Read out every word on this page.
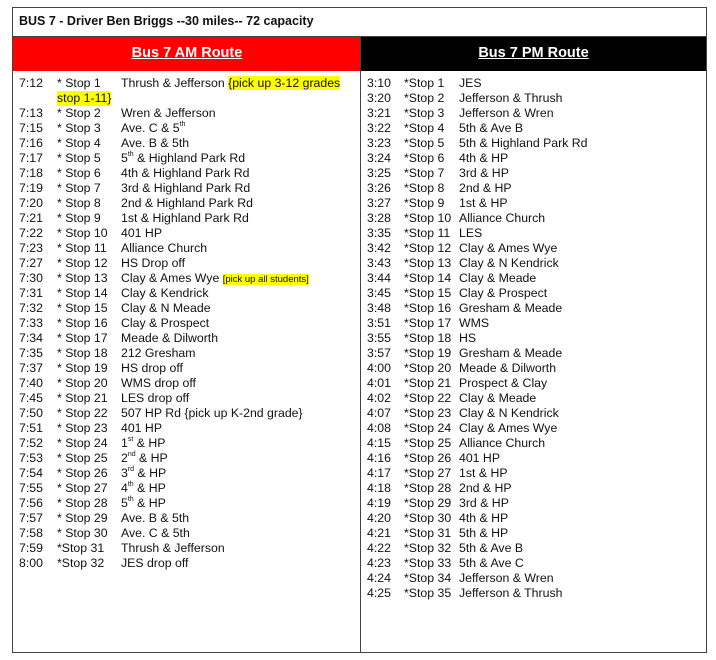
BUS 7 - Driver Ben Briggs --30 miles-- 72 capacity
Bus 7 AM Route	Bus 7 PM Route
7:12 * Stop 1 Thrush & Jefferson {pick up 3-12 grades
stop 1-11}
7:13 * Stop 2 Wren & Jefferson
7:15 * Stop 3 Ave. C & 5th
7:16 * Stop 4 Ave. B & 5th
7:17 * Stop 5 5th & Highland Park Rd
7:18 * Stop 6 4th & Highland Park Rd
7:19 * Stop 7 3rd & Highland Park Rd
7:20 * Stop 8 2nd & Highland Park Rd
7:21 * Stop 9 1st & Highland Park Rd
7:22 * Stop 10 401 HP
7:23 * Stop 11 Alliance Church
7:27 * Stop 12 HS Drop off
7:30 * Stop 13 Clay & Ames Wye [pick up all students]
7:31 * Stop 14 Clay & Kendrick
7:32 * Stop 15 Clay & N Meade
7:33 * Stop 16 Clay & Prospect
7:34 * Stop 17 Meade & Dilworth
7:35 * Stop 18 212 Gresham
7:37 * Stop 19 HS drop off
7:40 * Stop 20 WMS drop off
7:45 * Stop 21 LES drop off
7:50 * Stop 22 507 HP Rd {pick up K-2nd grade}
7:51 * Stop 23 401 HP
7:52 * Stop 24 1st & HP
7:53 * Stop 25 2nd & HP
7:54 * Stop 26 3rd & HP
7:55 * Stop 27 4th & HP
7:56 * Stop 28 5th & HP
7:57 * Stop 29 Ave. B & 5th
7:58 * Stop 30 Ave. C & 5th
7:59 *Stop 31 Thrush & Jefferson
8:00 *Stop 32 JES drop off
3:10 *Stop 1 JES
3:20 *Stop 2 Jefferson & Thrush
3:21 *Stop 3 Jefferson & Wren
3:22 *Stop 4 5th & Ave B
3:23 *Stop 5 5th & Highland Park Rd
3:24 *Stop 6 4th & HP
3:25 *Stop 7 3rd & HP
3:26 *Stop 8 2nd & HP
3:27 *Stop 9 1st & HP
3:28 *Stop 10 Alliance Church
3:35 *Stop 11 LES
3:42 *Stop 12 Clay & Ames Wye
3:43 *Stop 13 Clay & N Kendrick
3:44 *Stop 14 Clay & Meade
3:45 *Stop 15 Clay & Prospect
3:48 *Stop 16 Gresham & Meade
3:51 *Stop 17 WMS
3:55 *Stop 18 HS
3:57 *Stop 19 Gresham & Meade
4:00 *Stop 20 Meade & Dilworth
4:01 *Stop 21 Prospect & Clay
4:02 *Stop 22 Clay & Meade
4:07 *Stop 23 Clay & N Kendrick
4:08 *Stop 24 Clay & Ames Wye
4:15 *Stop 25 Alliance Church
4:16 *Stop 26 401 HP
4:17 *Stop 27 1st & HP
4:18 *Stop 28 2nd & HP
4:19 *Stop 29 3rd & HP
4:20 *Stop 30 4th & HP
4:21 *Stop 31 5th & HP
4:22 *Stop 32 5th & Ave B
4:23 *Stop 33 5th & Ave C
4:24 *Stop 34 Jefferson & Wren
4:25 *Stop 35 Jefferson & Thrush
